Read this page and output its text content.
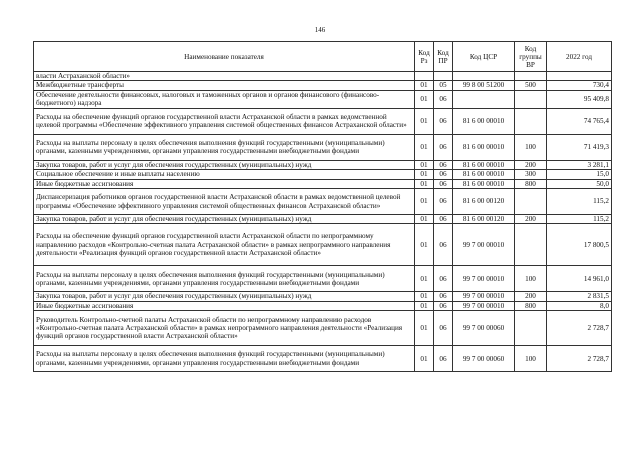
146
Наименование показателя	Код Рз	Код ПР	Код ЦСР	Код группы ВР	2022 год
власти Астраханской области»					
Межбюджетные трансферты	01	05	99 8 00 51200	500	730,4
Обеспечение деятельности финансовых, налоговых и таможенных органов и органов финансового (финансово-бюджетного) надзора	01	06			95 409,8
Расходы на обеспечение функций органов государственной власти Астраханской области в рамках ведомственной целевой программы «Обеспечение эффективного управления системой общественных финансов Астраханской области»	01	06	81 6 00 00010		74 765,4
Расходы на выплаты персоналу в целях обеспечения выполнения функций государственными (муниципальными) органами, казенными учреждениями, органами управления государственными внебюджетными фондами	01	06	81 6 00 00010	100	71 419,3
Закупка товаров, работ и услуг для обеспечения государственных (муниципальных) нужд	01	06	81 6 00 00010	200	3 281,1
Социальное обеспечение и иные выплаты населению	01	06	81 6 00 00010	300	15,0
Иные бюджетные ассигнования	01	06	81 6 00 00010	800	50,0
Диспансеризация работников органов государственной власти Астраханской области в рамках ведомственной целевой программы «Обеспечение эффективного управления системой общественных финансов Астраханской области»	01	06	81 6 00 00120		115,2
Закупка товаров, работ и услуг для обеспечения государственных (муниципальных) нужд	01	06	81 6 00 00120	200	115,2
Расходы на обеспечение функций органов государственной власти Астраханской области по непрограммному направлению расходов «Контрольно-счетная палата Астраханской области» в рамках непрограммного направления деятельности «Реализация функций органов государственной власти Астраханской области»	01	06	99 7 00 00010		17 800,5
Расходы на выплаты персоналу в целях обеспечения выполнения функций государственными (муниципальными) органами, казенными учреждениями, органами управления государственными внебюджетными фондами	01	06	99 7 00 00010	100	14 961,0
Закупка товаров, работ и услуг для обеспечения государственных (муниципальных) нужд	01	06	99 7 00 00010	200	2 831,5
Иные бюджетные ассигнования	01	06	99 7 00 00010	800	8,0
Руководитель Контрольно-счетной палаты Астраханской области по непрограммному направлению расходов «Контрольно-счетная палата Астраханской области» в рамках непрограммного направления деятельности «Реализация функций органов государственной власти Астраханской области»	01	06	99 7 00 00060		2 728,7
Расходы на выплаты персоналу в целях обеспечения выполнения функций государственными (муниципальными) органами, казенными учреждениями, органами управления государственными внебюджетными фондами	01	06	99 7 00 00060	100	2 728,7
